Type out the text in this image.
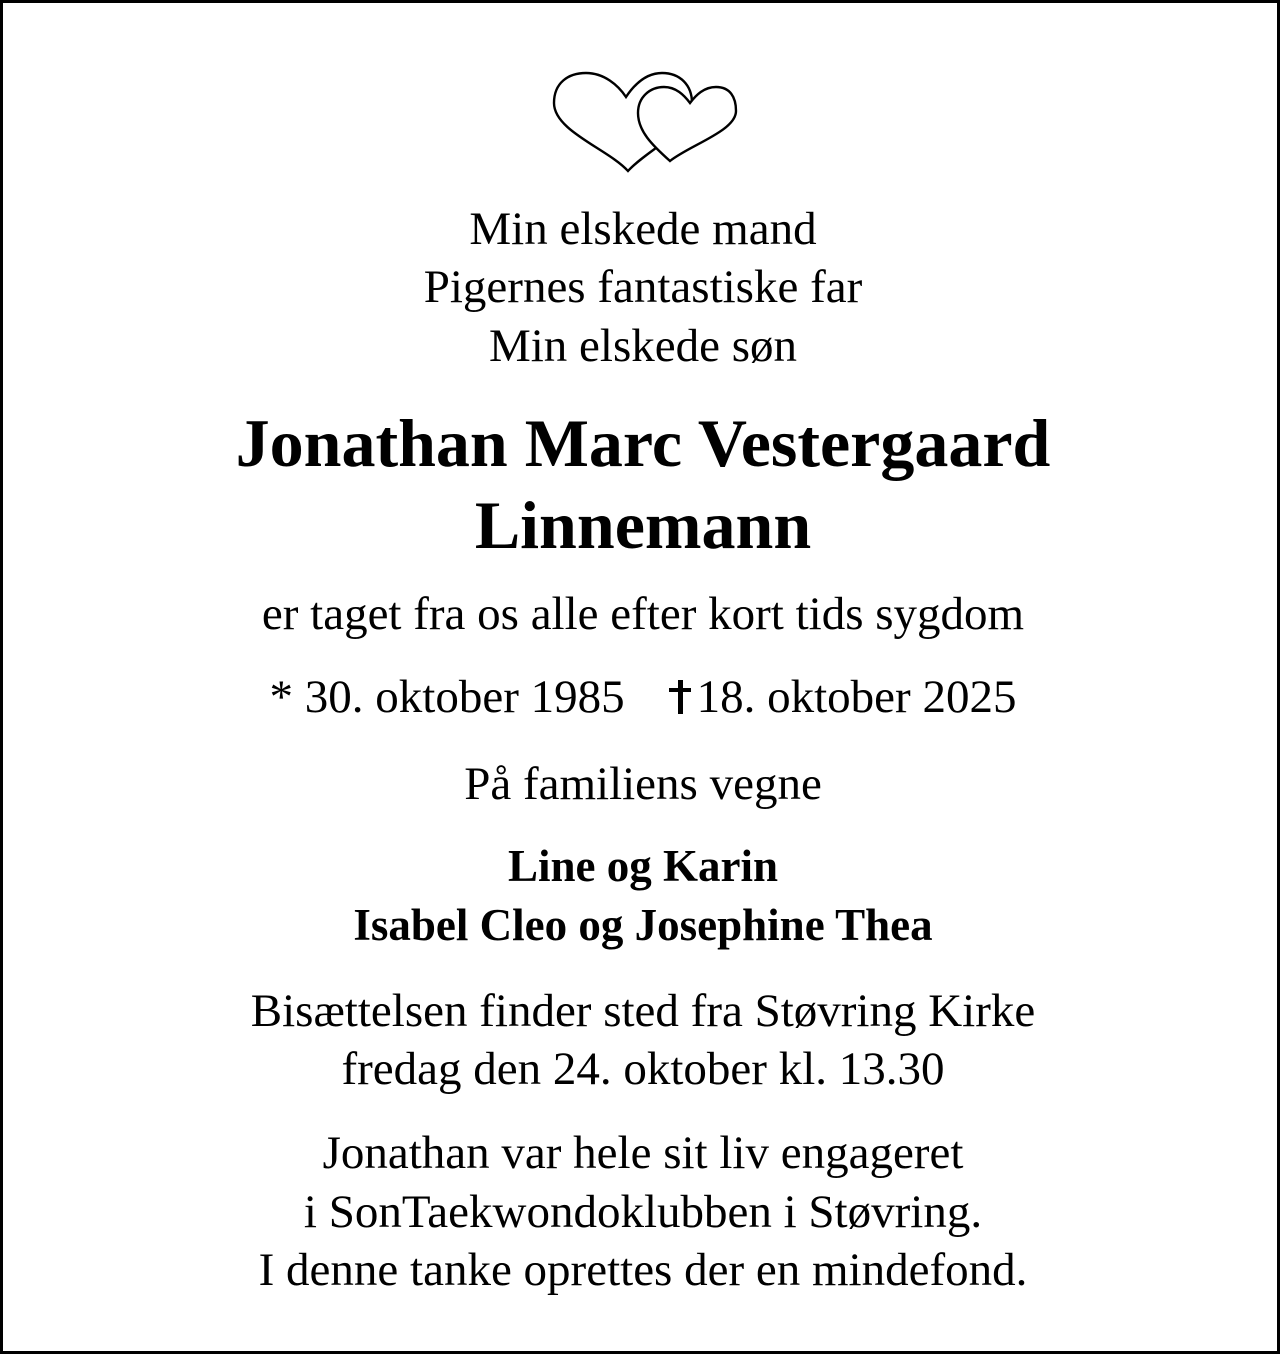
Min elskede mand
Pigernes fantastiske far
Min elskede søn
Jonathan Marc Vestergaard
Linnemann
er taget fra os alle efter kort tids sygdom
* 30. oktober 1985 18. oktober 2025
På familiens vegne
Line og Karin
Isabel Cleo og Josephine Thea
Bisættelsen finder sted fra Støvring Kirke
fredag den 24. oktober kl. 13.30
Jonathan var hele sit liv engageret
i SonTaekwondoklubben i Støvring.
I denne tanke oprettes der en mindefond.
